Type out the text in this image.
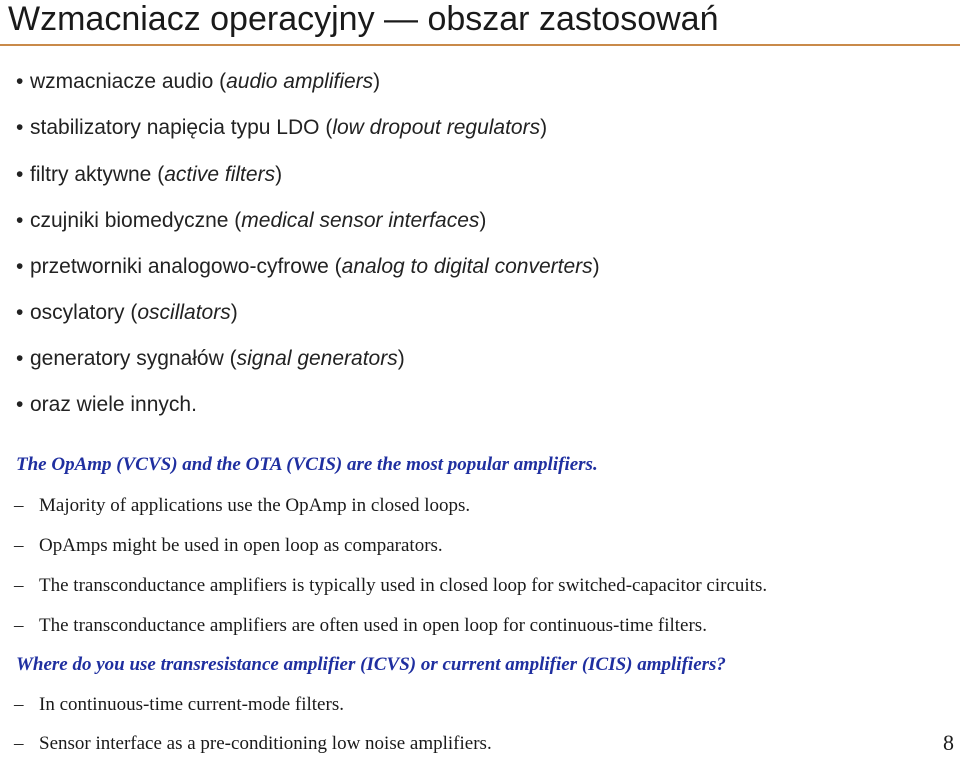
Wzmacniacz operacyjny — obszar zastosowań
• wzmacniacze audio (audio amplifiers)
• stabilizatory napięcia typu LDO (low dropout regulators)
• filtry aktywne (active filters)
• czujniki biomedyczne (medical sensor interfaces)
• przetworniki analogowo-cyfrowe (analog to digital converters)
• oscylatory (oscillators)
• generatory sygnałów (signal generators)
• oraz wiele innych.
The OpAmp (VCVS) and the OTA (VCIS) are the most popular amplifiers.
– Majority of applications use the OpAmp in closed loops.
– OpAmps might be used in open loop as comparators.
– The transconductance amplifiers is typically used in closed loop for switched-capacitor circuits.
– The transconductance amplifiers are often used in open loop for continuous-time filters.
Where do you use transresistance amplifier (ICVS) or current amplifier (ICIS) amplifiers?
– In continuous-time current-mode filters.
– Sensor interface as a pre-conditioning low noise amplifiers.	8
